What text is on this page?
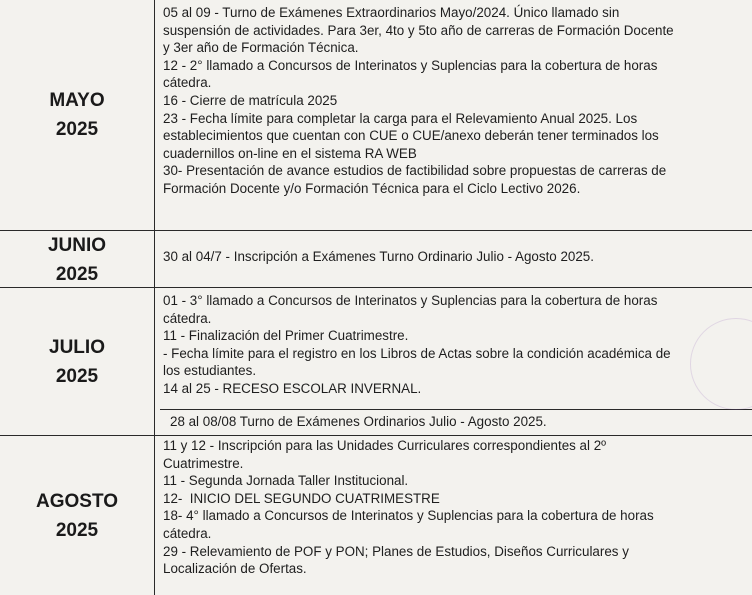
MAYO
2025
05 al 09 - Turno de Exámenes Extraordinarios Mayo/2024. Único llamado sin
suspensión de actividades. Para 3er, 4to y 5to año de carreras de Formación Docente
y 3er año de Formación Técnica.
12 - 2° llamado a Concursos de Interinatos y Suplencias para la cobertura de horas
cátedra.
16 - Cierre de matrícula 2025
23 - Fecha límite para completar la carga para el Relevamiento Anual 2025. Los
establecimientos que cuentan con CUE o CUE/anexo deberán tener terminados los
cuadernillos on-line en el sistema RA WEB
30- Presentación de avance estudios de factibilidad sobre propuestas de carreras de
Formación Docente y/o Formación Técnica para el Ciclo Lectivo 2026.
JUNIO
2025
30 al 04/7 - Inscripción a Exámenes Turno Ordinario Julio - Agosto 2025.
JULIO
2025
01 - 3° llamado a Concursos de Interinatos y Suplencias para la cobertura de horas
cátedra.
11 - Finalización del Primer Cuatrimestre.
- Fecha límite para el registro en los Libros de Actas sobre la condición académica de
los estudiantes.
14 al 25 - RECESO ESCOLAR INVERNAL.
28 al 08/08 Turno de Exámenes Ordinarios Julio - Agosto 2025.
AGOSTO
2025
11 y 12 - Inscripción para las Unidades Curriculares correspondientes al 2º
Cuatrimestre.
11 - Segunda Jornada Taller Institucional.
12-  INICIO DEL SEGUNDO CUATRIMESTRE
18- 4° llamado a Concursos de Interinatos y Suplencias para la cobertura de horas
cátedra.
29 - Relevamiento de POF y PON; Planes de Estudios, Diseños Curriculares y
Localización de Ofertas.
